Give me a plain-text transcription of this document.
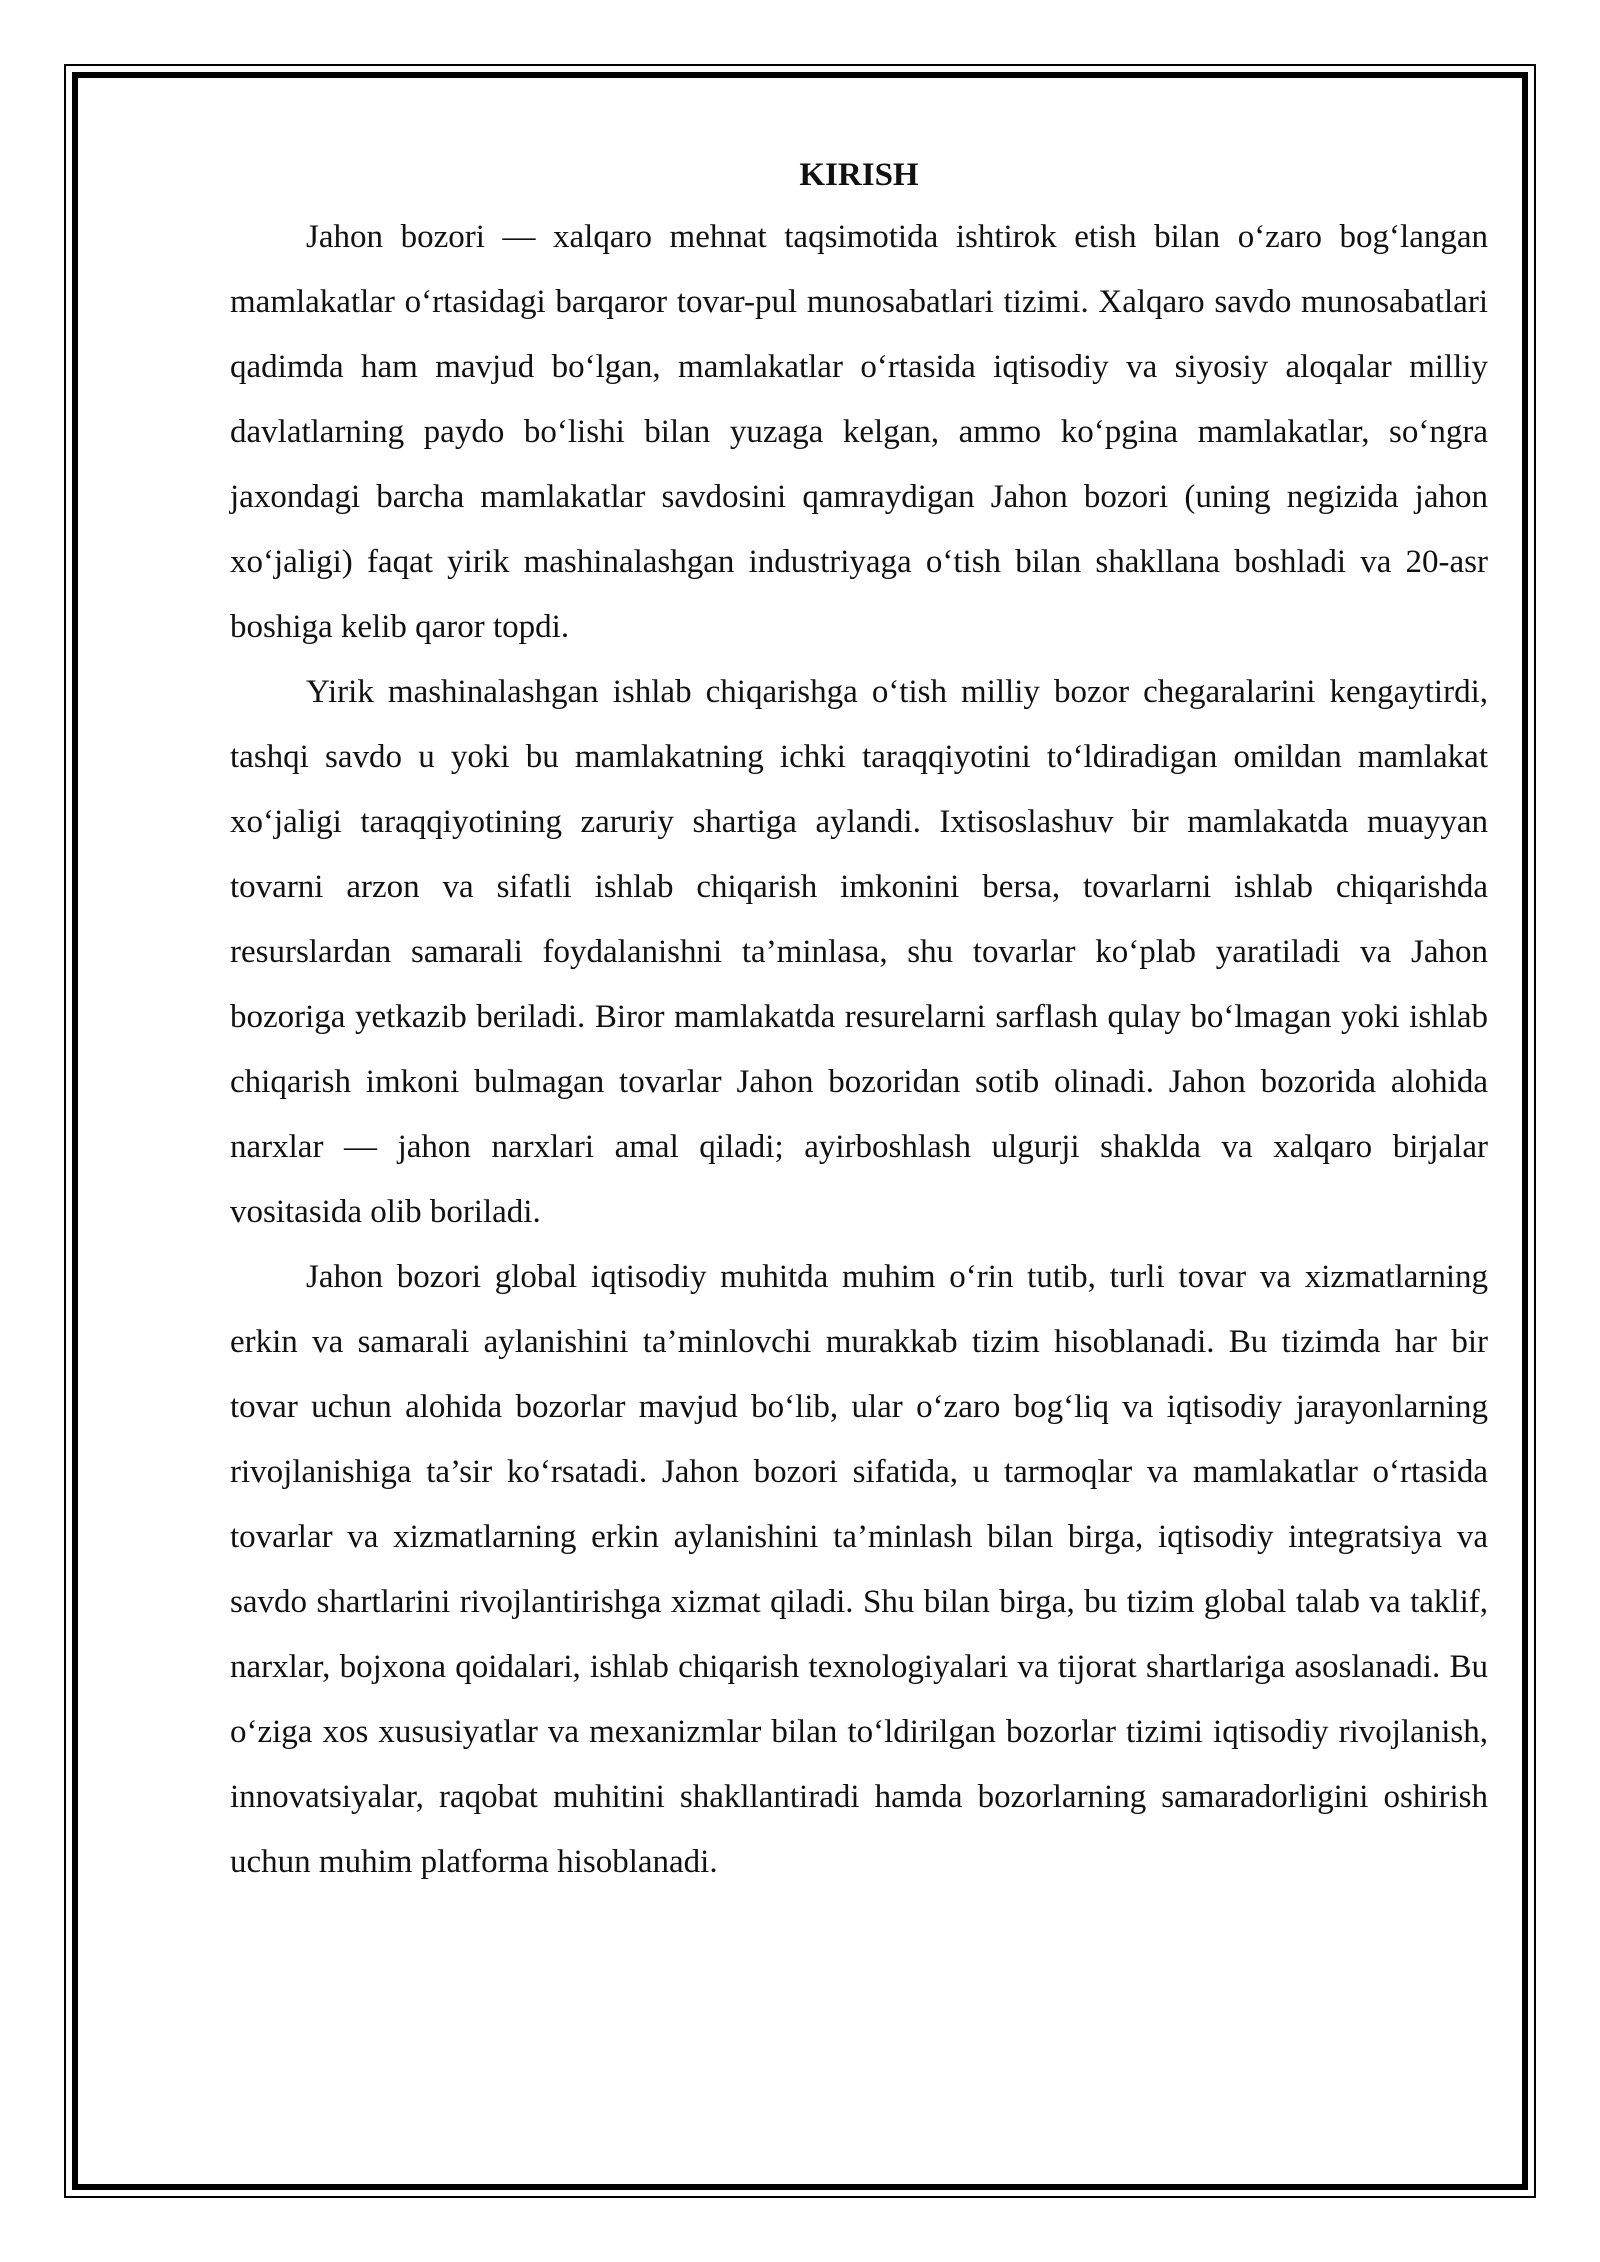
KIRISH

Jahon bozori — xalqaro mehnat taqsimotida ishtirok etish bilan o‘zaro bog‘langan mamlakatlar o‘rtasidagi barqaror tovar-pul munosabatlari tizimi. Xalqaro savdo munosabatlari qadimda ham mavjud bo‘lgan, mamlakatlar o‘rtasida iqtisodiy va siyosiy aloqalar milliy davlatlarning paydo bo‘lishi bilan yuzaga kelgan, ammo ko‘pgina mamlakatlar, so‘ngra jaxondagi barcha mamlakatlar savdosini qamraydigan Jahon bozori (uning negizida jahon xo‘jaligi) faqat yirik mashinalashgan industriyaga o‘tish bilan shakllana boshladi va 20-asr boshiga kelib qaror topdi.

Yirik mashinalashgan ishlab chiqarishga o‘tish milliy bozor chegaralarini kengaytirdi, tashqi savdo u yoki bu mamlakatning ichki taraqqiyotini to‘ldiradigan omildan mamlakat xo‘jaligi taraqqiyotining zaruriy shartiga aylandi. Ixtisoslashuv bir mamlakatda muayyan tovarni arzon va sifatli ishlab chiqarish imkonini bersa, tovarlarni ishlab chiqarishda resurslardan samarali foydalanishni ta’minlasa, shu tovarlar ko‘plab yaratiladi va Jahon bozoriga yetkazib beriladi. Biror mamlakatda resurelarni sarflash qulay bo‘lmagan yoki ishlab chiqarish imkoni bulmagan tovarlar Jahon bozoridan sotib olinadi. Jahon bozorida alohida narxlar — jahon narxlari amal qiladi; ayirboshlash ulgurji shaklda va xalqaro birjalar vositasida olib boriladi.

Jahon bozori global iqtisodiy muhitda muhim o‘rin tutib, turli tovar va xizmatlarning erkin va samarali aylanishini ta’minlovchi murakkab tizim hisoblanadi. Bu tizimda har bir tovar uchun alohida bozorlar mavjud bo‘lib, ular o‘zaro bog‘liq va iqtisodiy jarayonlarning rivojlanishiga ta’sir ko‘rsatadi. Jahon bozori sifatida, u tarmoqlar va mamlakatlar o‘rtasida tovarlar va xizmatlarning erkin aylanishini ta’minlash bilan birga, iqtisodiy integratsiya va savdo shartlarini rivojlantirishga xizmat qiladi. Shu bilan birga, bu tizim global talab va taklif, narxlar, bojxona qoidalari, ishlab chiqarish texnologiyalari va tijorat shartlariga asoslanadi. Bu o‘ziga xos xususiyatlar va mexanizmlar bilan to‘ldirilgan bozorlar tizimi iqtisodiy rivojlanish, innovatsiyalar, raqobat muhitini shakllantiradi hamda bozorlarning samaradorligini oshirish uchun muhim platforma hisoblanadi.
